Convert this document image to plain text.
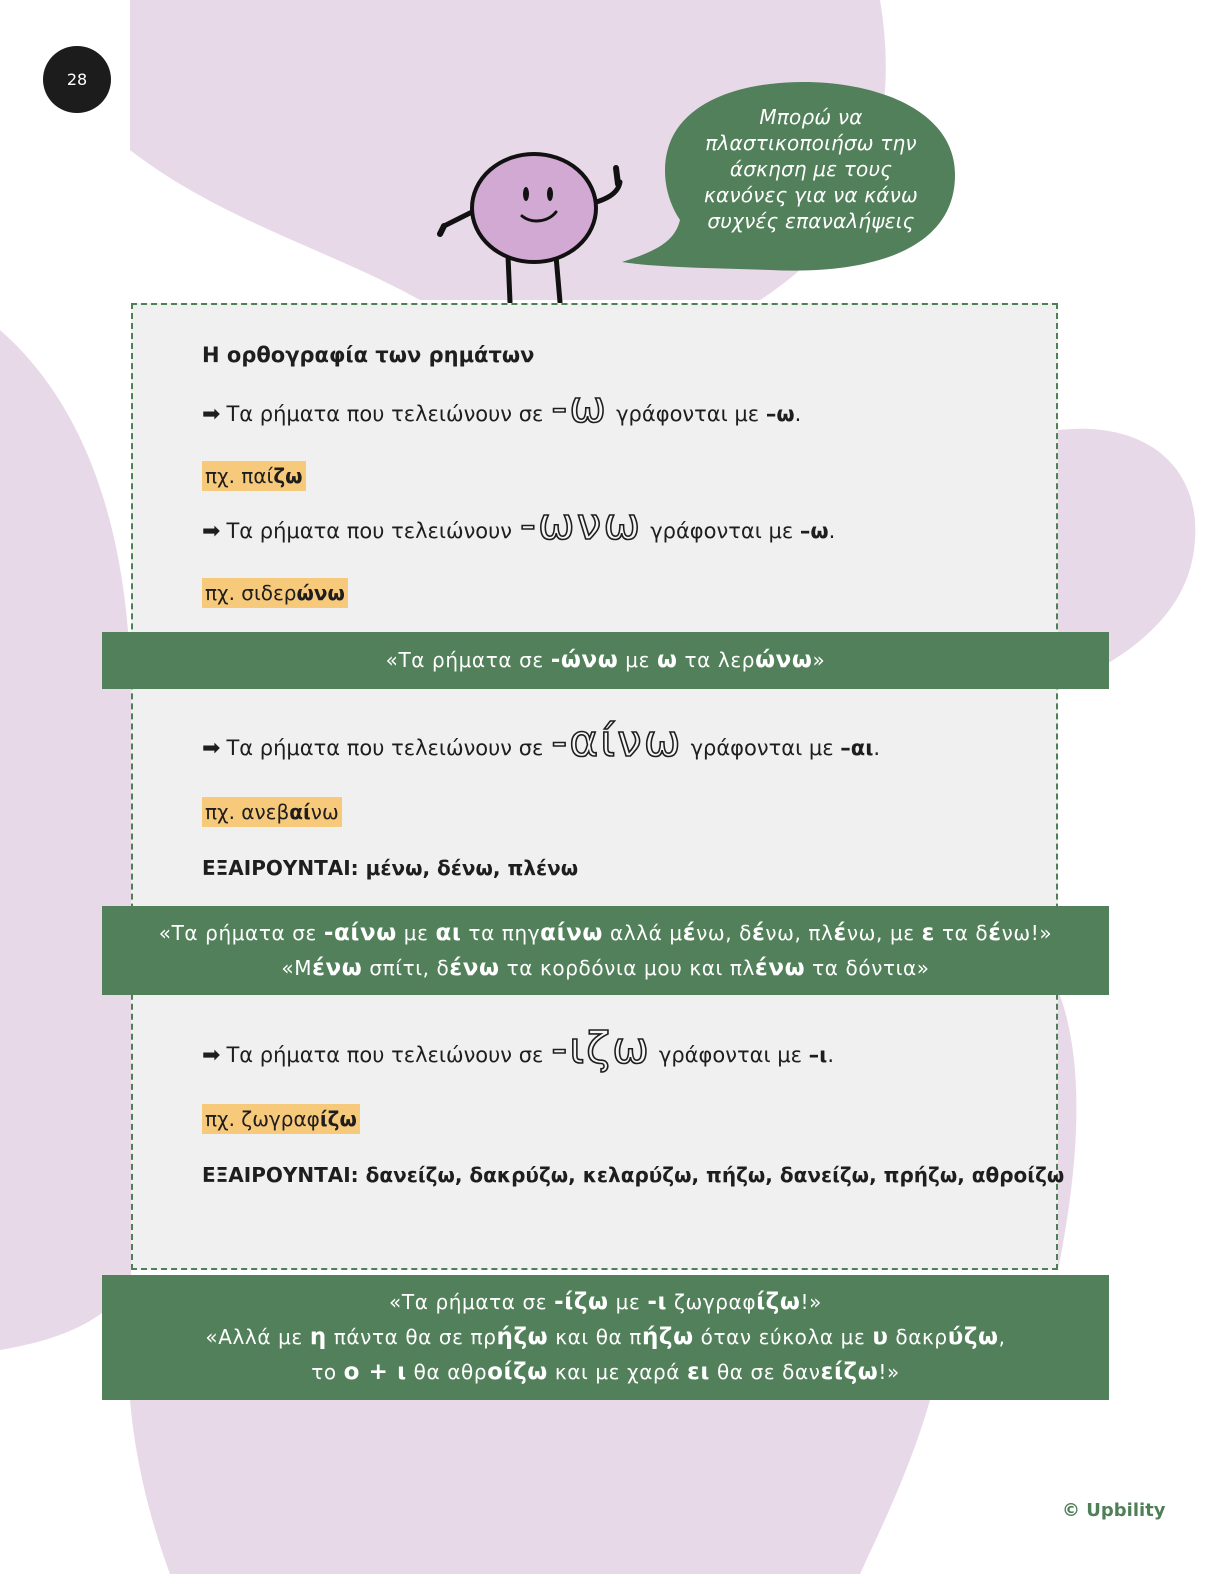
28
Μπορώ να
πλαστικοποιήσω την
άσκηση με τους
κανόνες για να κάνω
συχνές επαναλήψεις
Η ορθογραφία των ρημάτων
➡ Τα ρήματα που τελειώνουν σε -ω γράφονται με
–ω .
πχ. παίζω
➡ Τα ρήματα που τελειώνουν -ωνω γράφονται με
–ω .
πχ. σιδερώνω
«Τα ρήματα σε -ώνω με ω τα λερώνω»
➡ Τα ρήματα που τελειώνουν σε -αίνω γράφονται με
–αι .
πχ. ανεβαίνω
ΕΞΑΙΡΟΥΝΤΑΙ: μένω, δένω, πλένω
«Τα ρήματα σε -αίνω με αι τα πηγαίνω αλλά μένω, δένω, πλένω, με ε τα δένω!»
«Μένω σπίτι, δένω τα κορδόνια μου και πλένω τα δόντια»
➡ Τα ρήματα που τελειώνουν σε -ιζω γράφονται με
–ι .
πχ. ζωγραφίζω
ΕΞΑΙΡΟΥΝΤΑΙ: δανείζω, δακρύζω, κελαρύζω, πήζω, δανείζω, πρήζω, αθροίζω
«Τα ρήματα σε -ίζω με -ι ζωγραφίζω!»
«Αλλά με η πάντα θα σε πρήζω και θα πήζω όταν εύκολα με υ δακρύζω,
το ο + ι θα αθροίζω και με χαρά ει θα σε δανείζω!»
© Upbility
